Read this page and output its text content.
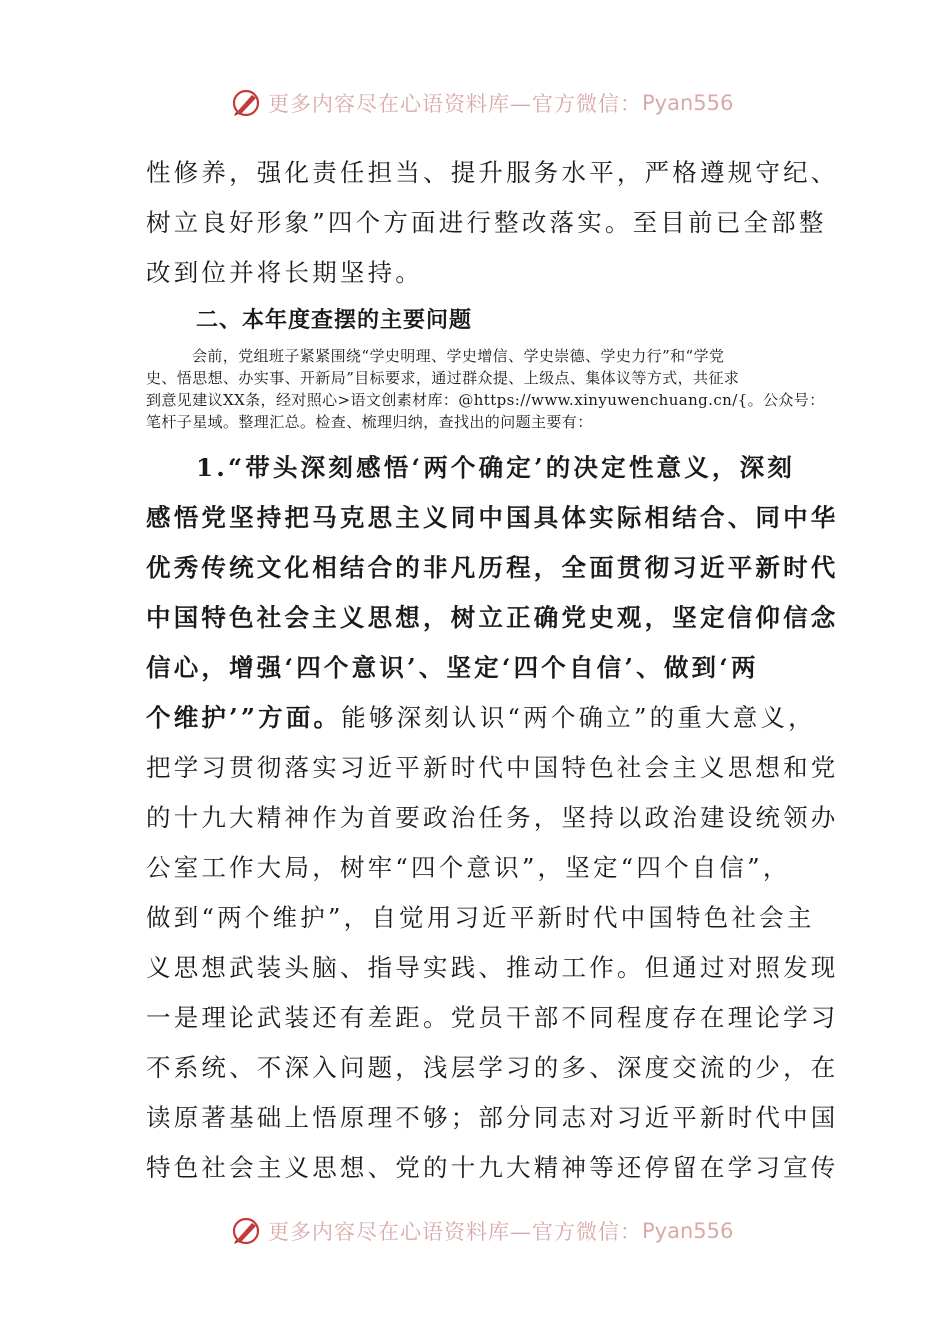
更多内容尽在心语资料库—官方微信： Pyan556
性修养，强化责任担当、提升服务水平，严格遵规守纪、
树立良好形象”四个方面进行整改落实。至目前已全部整
改到位并将长期坚持。
二、本年度查摆的主要问题
会前，党组班子紧紧围绕“学史明理、学史增信、学史崇德、学史力行”和“学党
史、悟思想、办实事、开新局”目标要求，通过群众提、上级点、集体议等方式，共征求
到意见建议XX条，经对照心>语文创素材库：@https://www.xinyuwenchuang.cn/{。公众号：
笔杆子星域。整理汇总。检查、梳理归纳，查找出的问题主要有：
1.“带头深刻感悟‘两个确定’的决定性意义，深刻
感悟党坚持把马克思主义同中国具体实际相结合、同中华
优秀传统文化相结合的非凡历程，全面贯彻习近平新时代
中国特色社会主义思想，树立正确党史观，坚定信仰信念
信心，增强‘四个意识’、坚定‘四个自信’、做到‘两
个维护’”方面。能够深刻认识“两个确立”的重大意义，
把学习贯彻落实习近平新时代中国特色社会主义思想和党
的十九大精神作为首要政治任务，坚持以政治建设统领办
公室工作大局，树牢“四个意识”，坚定“四个自信”，
做到“两个维护”，自觉用习近平新时代中国特色社会主
义思想武装头脑、指导实践、推动工作。但通过对照发现
一是理论武装还有差距。党员干部不同程度存在理论学习
不系统、不深入问题，浅层学习的多、深度交流的少，在
读原著基础上悟原理不够；部分同志对习近平新时代中国
特色社会主义思想、党的十九大精神等还停留在学习宣传
更多内容尽在心语资料库—官方微信： Pyan556
